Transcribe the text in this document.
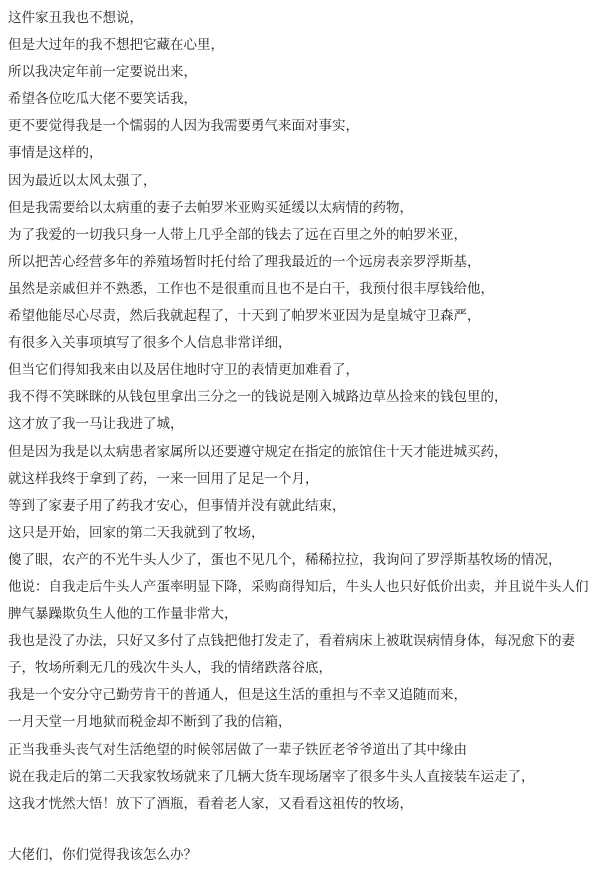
这件家丑我也不想说，
但是大过年的我不想把它藏在心里，
所以我决定年前一定要说出来，
希望各位吃瓜大佬不要笑话我，
更不要觉得我是一个懦弱的人因为我需要勇气来面对事实，
事情是这样的，
因为最近以太风太强了，
但是我需要给以太病重的妻子去帕罗米亚购买延缓以太病情的药物，
为了我爱的一切我只身一人带上几乎全部的钱去了远在百里之外的帕罗米亚，
所以把苦心经营多年的养殖场暂时托付给了理我最近的一个远房表亲罗浮斯基，
虽然是亲戚但并不熟悉，工作也不是很重而且也不是白干，我预付很丰厚钱给他，
希望他能尽心尽责，然后我就起程了，十天到了帕罗米亚因为是皇城守卫森严，
有很多入关事项填写了很多个人信息非常详细，
但当它们得知我来由以及居住地时守卫的表情更加难看了，
我不得不笑眯眯的从钱包里拿出三分之一的钱说是刚入城路边草丛捡来的钱包里的，
这才放了我一马让我进了城，
但是因为我是以太病患者家属所以还要遵守规定在指定的旅馆住十天才能进城买药，
就这样我终于拿到了药，一来一回用了足足一个月，
等到了家妻子用了药我才安心，但事情并没有就此结束，
这只是开始，回家的第二天我就到了牧场，
傻了眼，农产的不光牛头人少了，蛋也不见几个，稀稀拉拉，我询问了罗浮斯基牧场的情况，
他说：自我走后牛头人产蛋率明显下降，采购商得知后，牛头人也只好低价出卖，并且说牛头人们脾气暴躁欺负生人他的工作量非常大，
我也是没了办法，只好又多付了点钱把他打发走了，看着病床上被耽误病情身体，每况愈下的妻子，牧场所剩无几的残次牛头人，我的情绪跌落谷底，
我是一个安分守己勤劳肯干的普通人，但是这生活的重担与不幸又追随而来，
一月天堂一月地狱而税金却不断到了我的信箱，
正当我垂头丧气对生活绝望的时候邻居做了一辈子铁匠老爷爷道出了其中缘由
说在我走后的第二天我家牧场就来了几辆大货车现场屠宰了很多牛头人直接装车运走了，
这我才恍然大悟！放下了酒瓶，看着老人家，又看看这祖传的牧场，
大佬们，你们觉得我该怎么办？
